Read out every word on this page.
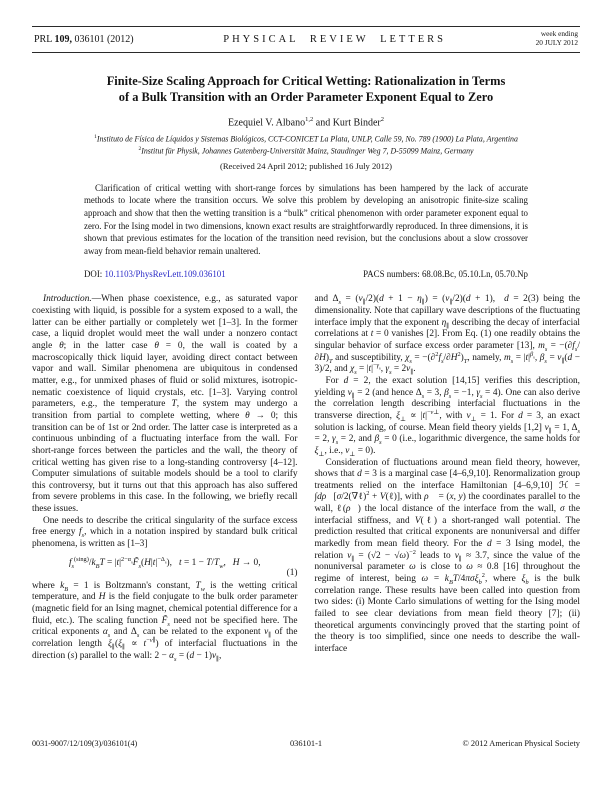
PRL 109, 036101 (2012)	PHYSICAL REVIEW LETTERS	week ending
20 JULY 2012
Finite-Size Scaling Approach for Critical Wetting: Rationalization in Terms
of a Bulk Transition with an Order Parameter Exponent Equal to Zero
Ezequiel V. Albano$^{1,2}$ and Kurt Binder$^2$
$^1$Instituto de Física de Líquidos y Sistemas Biológicos, CCT-CONICET La Plata, UNLP, Calle 59, No. 789 (1900) La Plata, Argentina
$^2$Institut für Physik, Johannes Gutenberg-Universität Mainz, Staudinger Weg 7, D-55099 Mainz, Germany
(Received 24 April 2012; published 16 July 2012)
Clarification of critical wetting with short-range forces by simulations has been hampered by the lack of accurate methods to locate where the transition occurs. We solve this problem by developing an anisotropic finite-size scaling approach and show that then the wetting transition is a “bulk” critical phenomenon with order parameter exponent equal to zero. For the Ising model in two dimensions, known exact results are straightforwardly reproduced. In three dimensions, it is shown that previous estimates for the location of the transition need revision, but the conclusions about a slow crossover away from mean-field behavior remain unaltered.
DOI: 10.1103/PhysRevLett.109.036101	PACS numbers: 68.08.Bc, 05.10.Ln, 05.70.Np

Introduction.—When phase coexistence, e.g., as saturated vapor coexisting with liquid, is possible for a system exposed to a wall, the latter can be either partially or completely wet [1–3]. In the former case, a liquid droplet would meet the wall under a nonzero contact angle θ; in the latter case θ = 0, the wall is coated by a macroscopically thick liquid layer, avoiding direct contact between vapor and wall. Similar phenomena are ubiquitous in condensed matter, e.g., for unmixed phases of fluid or solid mixtures, isotropic-nematic coexistence of liquid crystals, etc. [1–3]. Varying control parameters, e.g., the temperature T, the system may undergo a transition from partial to complete wetting, where θ → 0; this transition can be of 1st or 2nd order. The latter case is interpreted as a continuous unbinding of a fluctuating interface from the wall. For short-range forces between the particles and the wall, the theory of critical wetting has given rise to a long-standing controversy [4–12]. Computer simulations of suitable models should be a tool to clarify this controversy, but it turns out that this approach has also suffered from severe problems in this case. In the following, we briefly recall these issues.

One needs to describe the critical singularity of the surface excess free energy $f_s$, which in a notation inspired by standard bulk critical phenomena, is written as [1–3]

$f_s^{(sing)}/k_BT$ = $|t|^{2-\alpha_s}F̃_s(H|t|^{-\Delta_s})$,   $t = 1 - T/T_w$,   H → 0,
(1)

where $k_B = 1$ is Boltzmann's constant, $T_w$ is the wetting critical temperature, and H is the field conjugate to the bulk order parameter (magnetic field for an Ising magnet, chemical potential difference for a fluid, etc.). The scaling function $F̃_s$ need not be specified here. The critical exponents $\alpha_s$ and $\Delta_s$ can be related to the exponent $\nu_\parallel$ of the correlation length $\xi_\parallel(\xi_\parallel \propto t^{-\nu\parallel})$ of interfacial fluctuations in the direction (s) parallel to the wall: $2 - \alpha_s = (d - 1)\nu_\parallel$,

and $\Delta_s = (\nu_\parallel/2)(d + 1 - \eta_\parallel) = (\nu_\parallel/2)(d + 1)$,  d = 2(3) being the dimensionality. Note that capillary wave descriptions of the fluctuating interface imply that the exponent $\eta_\parallel$ describing the decay of interfacial correlations at t = 0 vanishes [2]. From Eq. (1) one readily obtains the singular behavior of surface excess order parameter [13], $m_s = -(\partial f_s/\partial H)_T$ and susceptibility, $\chi_s = -(\partial^2f_s/\partial H^2)_T$, namely, $m_s = |t|^{\beta_s}$, $\beta_s = \nu_\parallel(d - 3)/2$, and $\chi_s = |t|^{-\gamma_s}$, $\gamma_s = 2\nu_\parallel$.

For d = 2, the exact solution [14,15] verifies this description, yielding $\nu_\parallel = 2$ (and hence $\Delta_s = 3$, $\beta_s = -1$, $\gamma_s = 4$). One can also derive the correlation length describing interfacial fluctuations in the transverse direction, $\xi_\perp \propto |t|^{-\nu\perp}$, with $\nu_\perp = 1$. For d = 3, an exact solution is lacking, of course. Mean field theory yields [1,2] $\nu_\parallel = 1$, $\Delta_s = 2$, $\gamma_s = 2$, and $\beta_s = 0$ (i.e., logarithmic divergence, the same holds for $\xi_\perp$, i.e., $\nu_\perp = 0$).

Consideration of fluctuations around mean field theory, however, shows that d = 3 is a marginal case [4–6,9,10]. Renormalization group treatments relied on the interface Hamiltonian [4–6,9,10] ℋ = ∫dρ⃗[σ/2(∇ℓ)$^2$ + V(ℓ)], with ρ⃗ = (x, y) the coordinates parallel to the wall, ℓ(ρ⃗) the local distance of the interface from the wall, σ the interfacial stiffness, and V(ℓ) a short-ranged wall potential. The prediction resulted that critical exponents are nonuniversal and differ markedly from mean field theory. For the d = 3 Ising model, the relation $\nu_\parallel = (√2 - √\omega)^{-2}$ leads to $\nu_\parallel \approx 3.7$, since the value of the nonuniversal parameter ω is close to ω ≈ 0.8 [16] throughout the regime of interest, being $\omega = k_BT/4\pi\sigma\xi_b^2$, where $\xi_b$ is the bulk correlation range. These results have been called into question from two sides: (i) Monte Carlo simulations of wetting for the Ising model failed to see clear deviations from mean field theory [7]; (ii) theoretical arguments convincingly proved that the starting point of the theory is too simplified, since one needs to describe the wall-interface

0031-9007/12/109(3)/036101(4)	036101-1	© 2012 American Physical Society
